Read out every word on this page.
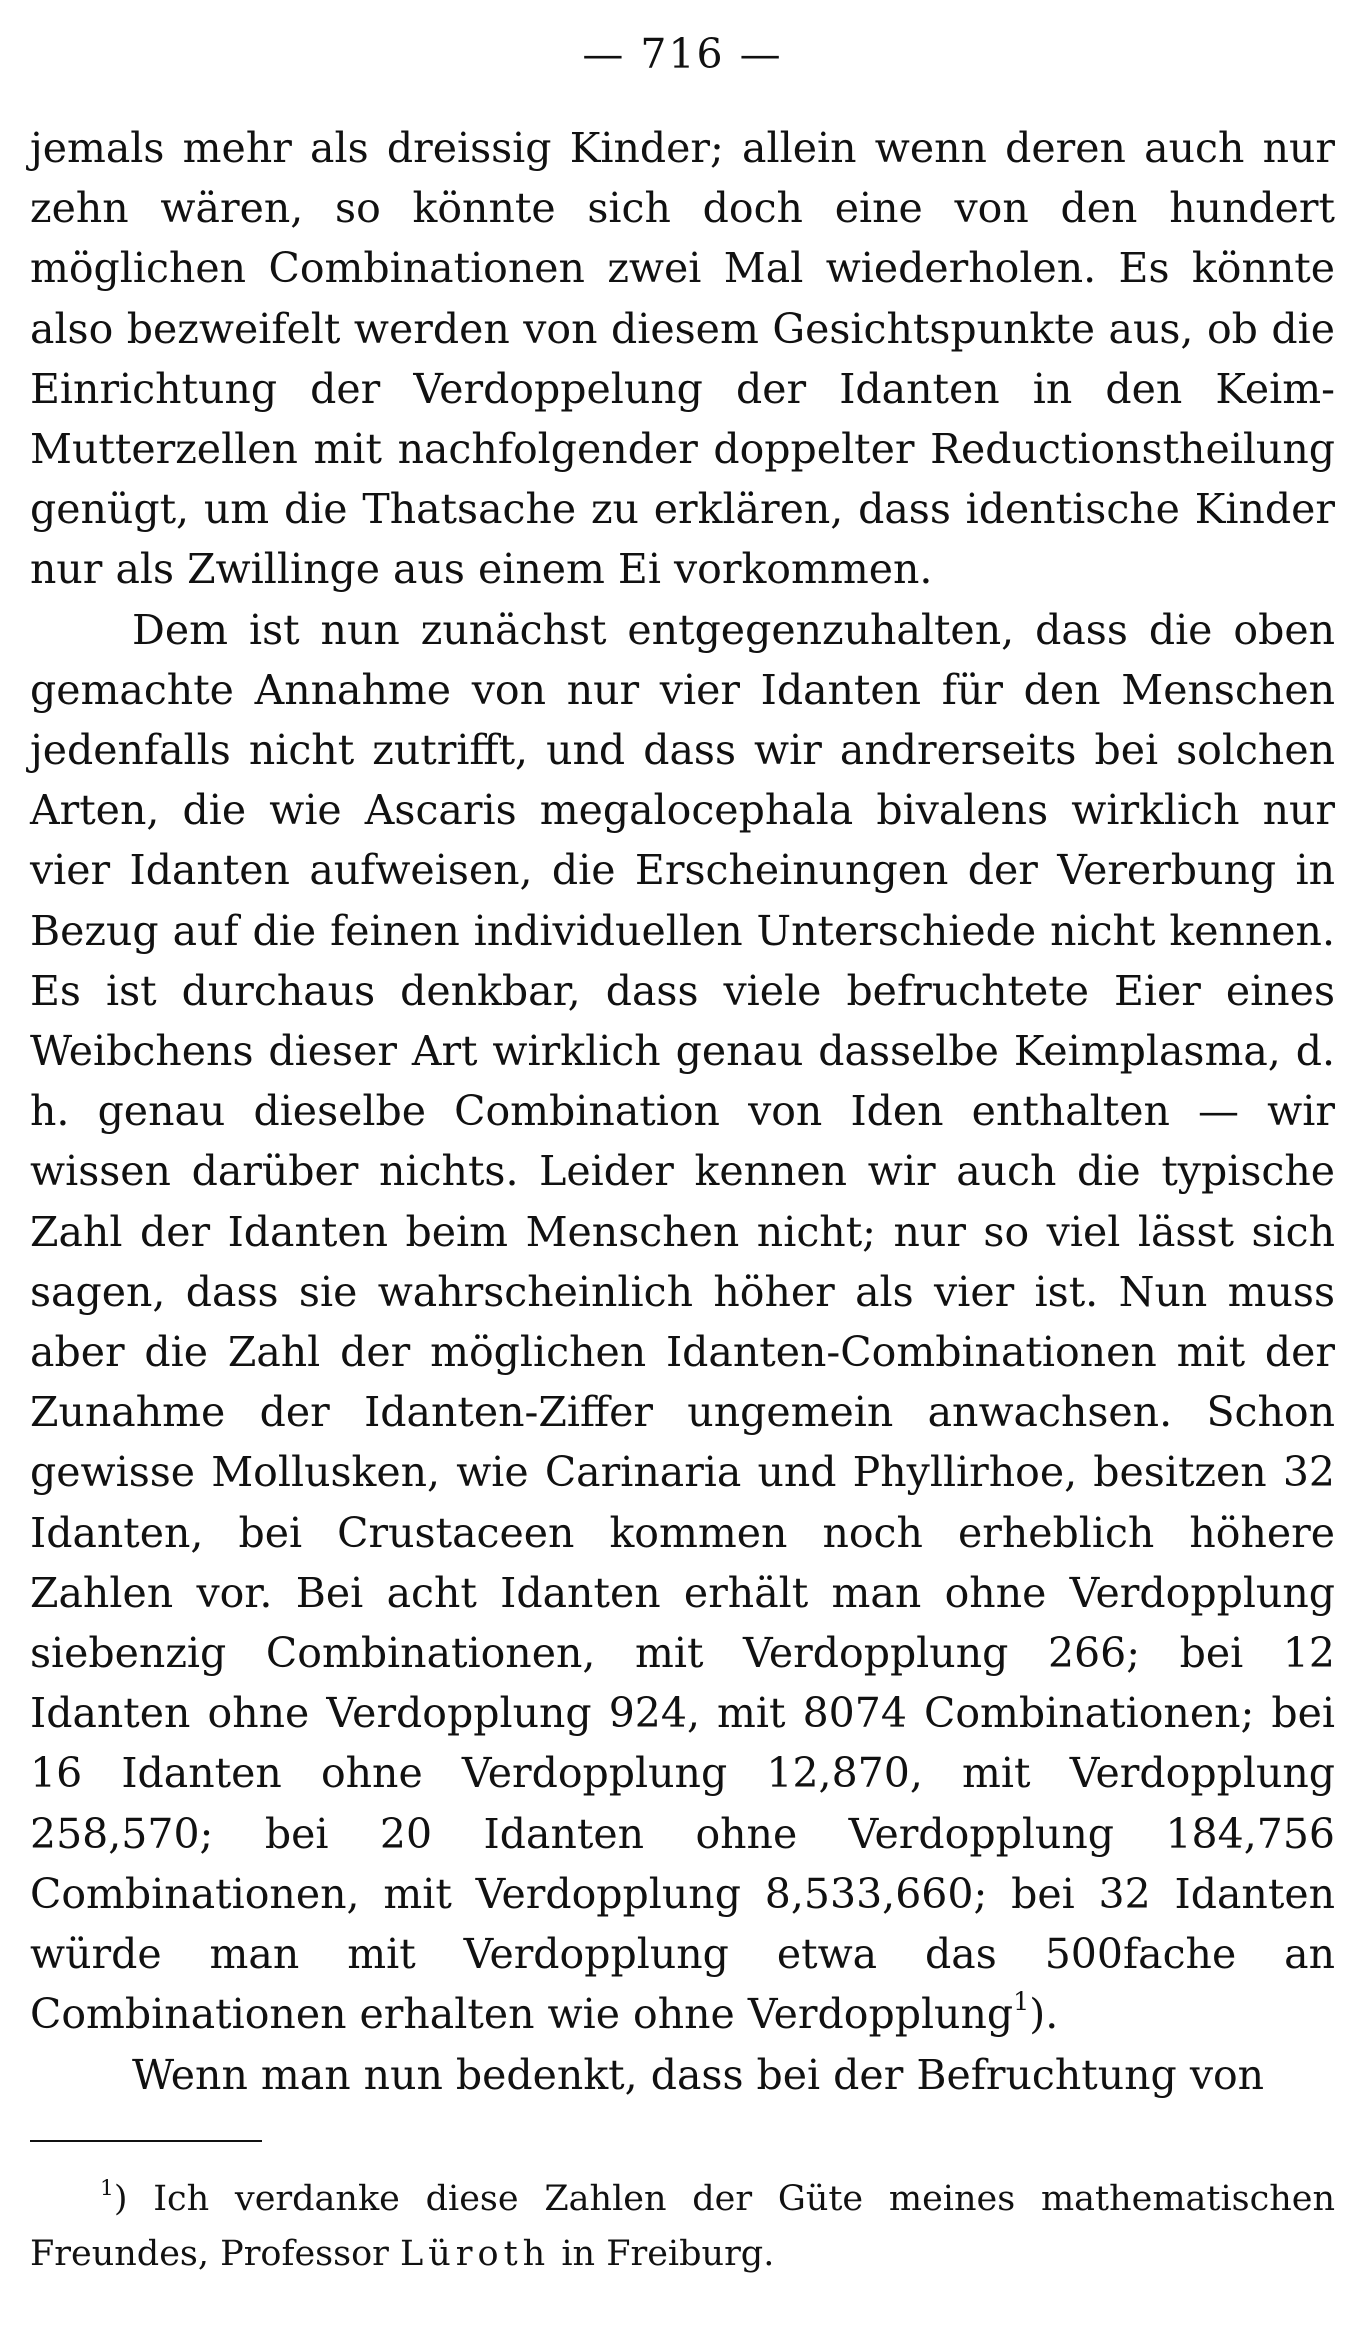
— 716 —

jemals mehr als dreissig Kinder; allein wenn deren auch nur zehn wären, so könnte sich doch eine von den hundert möglichen Combinationen zwei Mal wiederholen. Es könnte also bezweifelt werden von diesem Gesichtspunkte aus, ob die Einrichtung der Verdoppelung der Idanten in den Keim-Mutterzellen mit nachfolgender doppelter Reductionstheilung genügt, um die Thatsache zu erklären, dass identische Kinder nur als Zwillinge aus einem Ei vorkommen.

Dem ist nun zunächst entgegenzuhalten, dass die oben gemachte Annahme von nur vier Idanten für den Menschen jedenfalls nicht zutrifft, und dass wir andrerseits bei solchen Arten, die wie Ascaris megalocephala bivalens wirklich nur vier Idanten aufweisen, die Erscheinungen der Vererbung in Bezug auf die feinen individuellen Unterschiede nicht kennen. Es ist durchaus denkbar, dass viele befruchtete Eier eines Weibchens dieser Art wirklich genau dasselbe Keimplasma, d. h. genau dieselbe Combination von Iden enthalten — wir wissen darüber nichts. Leider kennen wir auch die typische Zahl der Idanten beim Menschen nicht; nur so viel lässt sich sagen, dass sie wahrscheinlich höher als vier ist. Nun muss aber die Zahl der möglichen Idanten-Combinationen mit der Zunahme der Idanten-Ziffer ungemein anwachsen. Schon gewisse Mollusken, wie Carinaria und Phyllirhoe, besitzen 32 Idanten, bei Crustaceen kommen noch erheblich höhere Zahlen vor. Bei acht Idanten erhält man ohne Verdopplung siebenzig Combinationen, mit Verdopplung 266; bei 12 Idanten ohne Verdopplung 924, mit 8074 Combinationen; bei 16 Idanten ohne Verdopplung 12,870, mit Verdopplung 258,570; bei 20 Idanten ohne Verdopplung 184,756 Combinationen, mit Verdopplung 8,533,660; bei 32 Idanten würde man mit Verdopplung etwa das 500fache an Combinationen erhalten wie ohne Verdopplung$^1$).

Wenn man nun bedenkt, dass bei der Befruchtung von

$^1$) Ich verdanke diese Zahlen der Güte meines mathematischen Freundes, Professor Lüroth in Freiburg.
